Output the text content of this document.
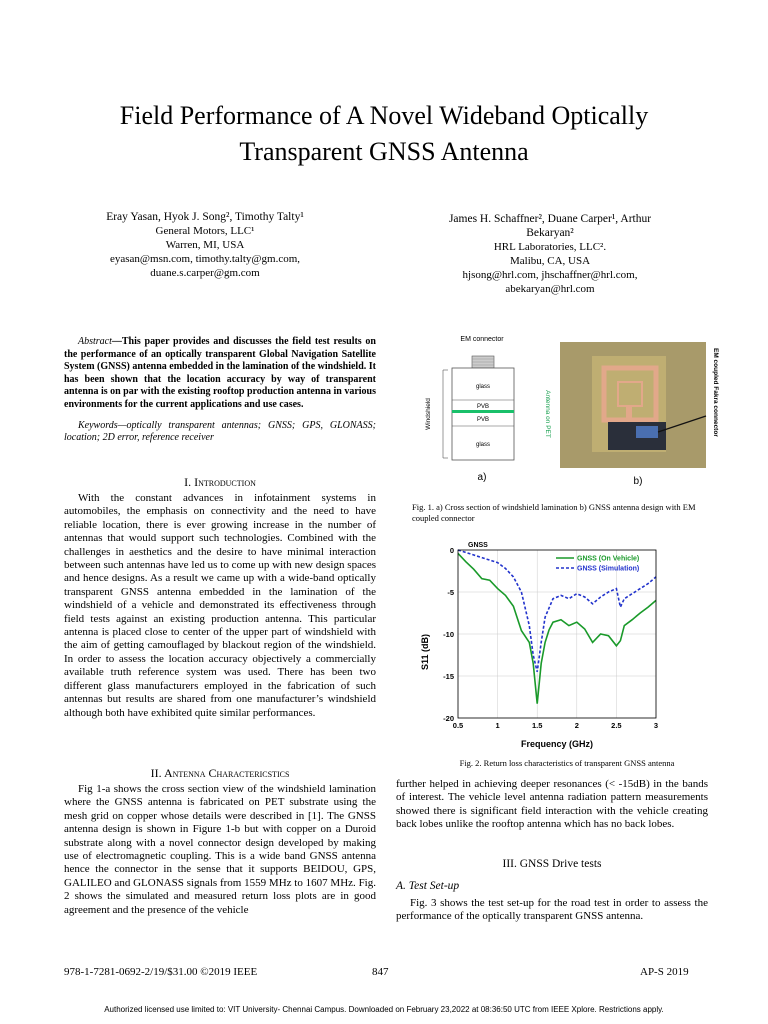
Field Performance of A Novel Wideband Optically
Transparent GNSS Antenna
Eray Yasan, Hyok J. Song², Timothy Talty¹
General Motors, LLC¹
Warren, MI, USA
eyasan@msn.com, timothy.talty@gm.com,
duane.s.carper@gm.com
James H. Schaffner², Duane Carper¹, Arthur
Bekaryan²
HRL Laboratories, LLC².
Malibu, CA, USA
hjsong@hrl.com, jhschaffner@hrl.com,
abekaryan@hrl.com

Abstract—This paper provides and discusses the field test results on the performance of an optically transparent Global Navigation Satellite System (GNSS) antenna embedded in the lamination of the windshield. It has been shown that the location accuracy by way of transparent antenna is on par with the existing rooftop production antenna in various environments for the current applications and use cases.

Keywords—optically transparent antennas; GNSS; GPS, GLONASS; location; 2D error, reference receiver

I. Introduction

With the constant advances in infotainment systems in automobiles, the emphasis on connectivity and the need to have reliable location, there is ever growing increase in the number of antennas that would support such technologies. Combined with the challenges in aesthetics and the desire to have minimal interaction between such antennas have led us to come up with new design spaces and hence designs. As a result we came up with a wide-band optically transparent GNSS antenna embedded in the lamination of the windshield of a vehicle and demonstrated its effectiveness through field tests against an existing production antenna. This particular antenna is placed close to center of the upper part of windshield with the aim of getting camouflaged by blackout region of the windshield. In order to assess the location accuracy objectively a commercially available truth reference system was used. There has been two different glass manufacturers employed in the fabrication of such antennas but results are shared from one manufacturer’s windshield although both have exhibited quite similar performances.

II. Antenna Charactericstics

Fig 1-a shows the cross section view of the windshield lamination where the GNSS antenna is fabricated on PET substrate using the mesh grid on copper whose details were described in [1]. The GNSS antenna design is shown in Figure 1-b but with copper on a Duroid substrate along with a novel connector design developed by making use of electromagnetic coupling. This is a wide band GNSS antenna hence the connector in the sense that it supports BEIDOU, GPS, GALILEO and GLONASS signals from 1559 MHz to 1607 MHz. Fig. 2 shows the simulated and measured return loss plots are in good agreement and the presence of the vehicle

EM connector
glass
PVB
PVB
glass
Windshield	Antenna on PET
a)
EM coupled Fakra connector
b)
Fig. 1. a) Cross section of windshield lamination b) GNSS antenna design with EM coupled connector
0.5	1	1.5	2	2.5	3
0
-5
-10
-15
-20
GNSS
Frequency (GHz)
S11 (dB)
GNSS (On Vehicle)
GNSS (Simulation)
Fig. 2. Return loss characteristics of transparent GNSS antenna

further helped in achieving deeper resonances (< -15dB) in the bands of interest. The vehicle level antenna radiation pattern measurements showed there is significant field interaction with the vehicle creating back lobes unlike the rooftop antenna which has no back lobes.

III. GNSS Drive tests
A. Test Set-up

Fig. 3 shows the test set-up for the road test in order to assess the performance of the optically transparent GNSS antenna.

978-1-7281-0692-2/19/$31.00 ©2019 IEEE	847	AP-S 2019
Authorized licensed use limited to: VIT University- Chennai Campus. Downloaded on February 23,2022 at 08:36:50 UTC from IEEE Xplore. Restrictions apply.
